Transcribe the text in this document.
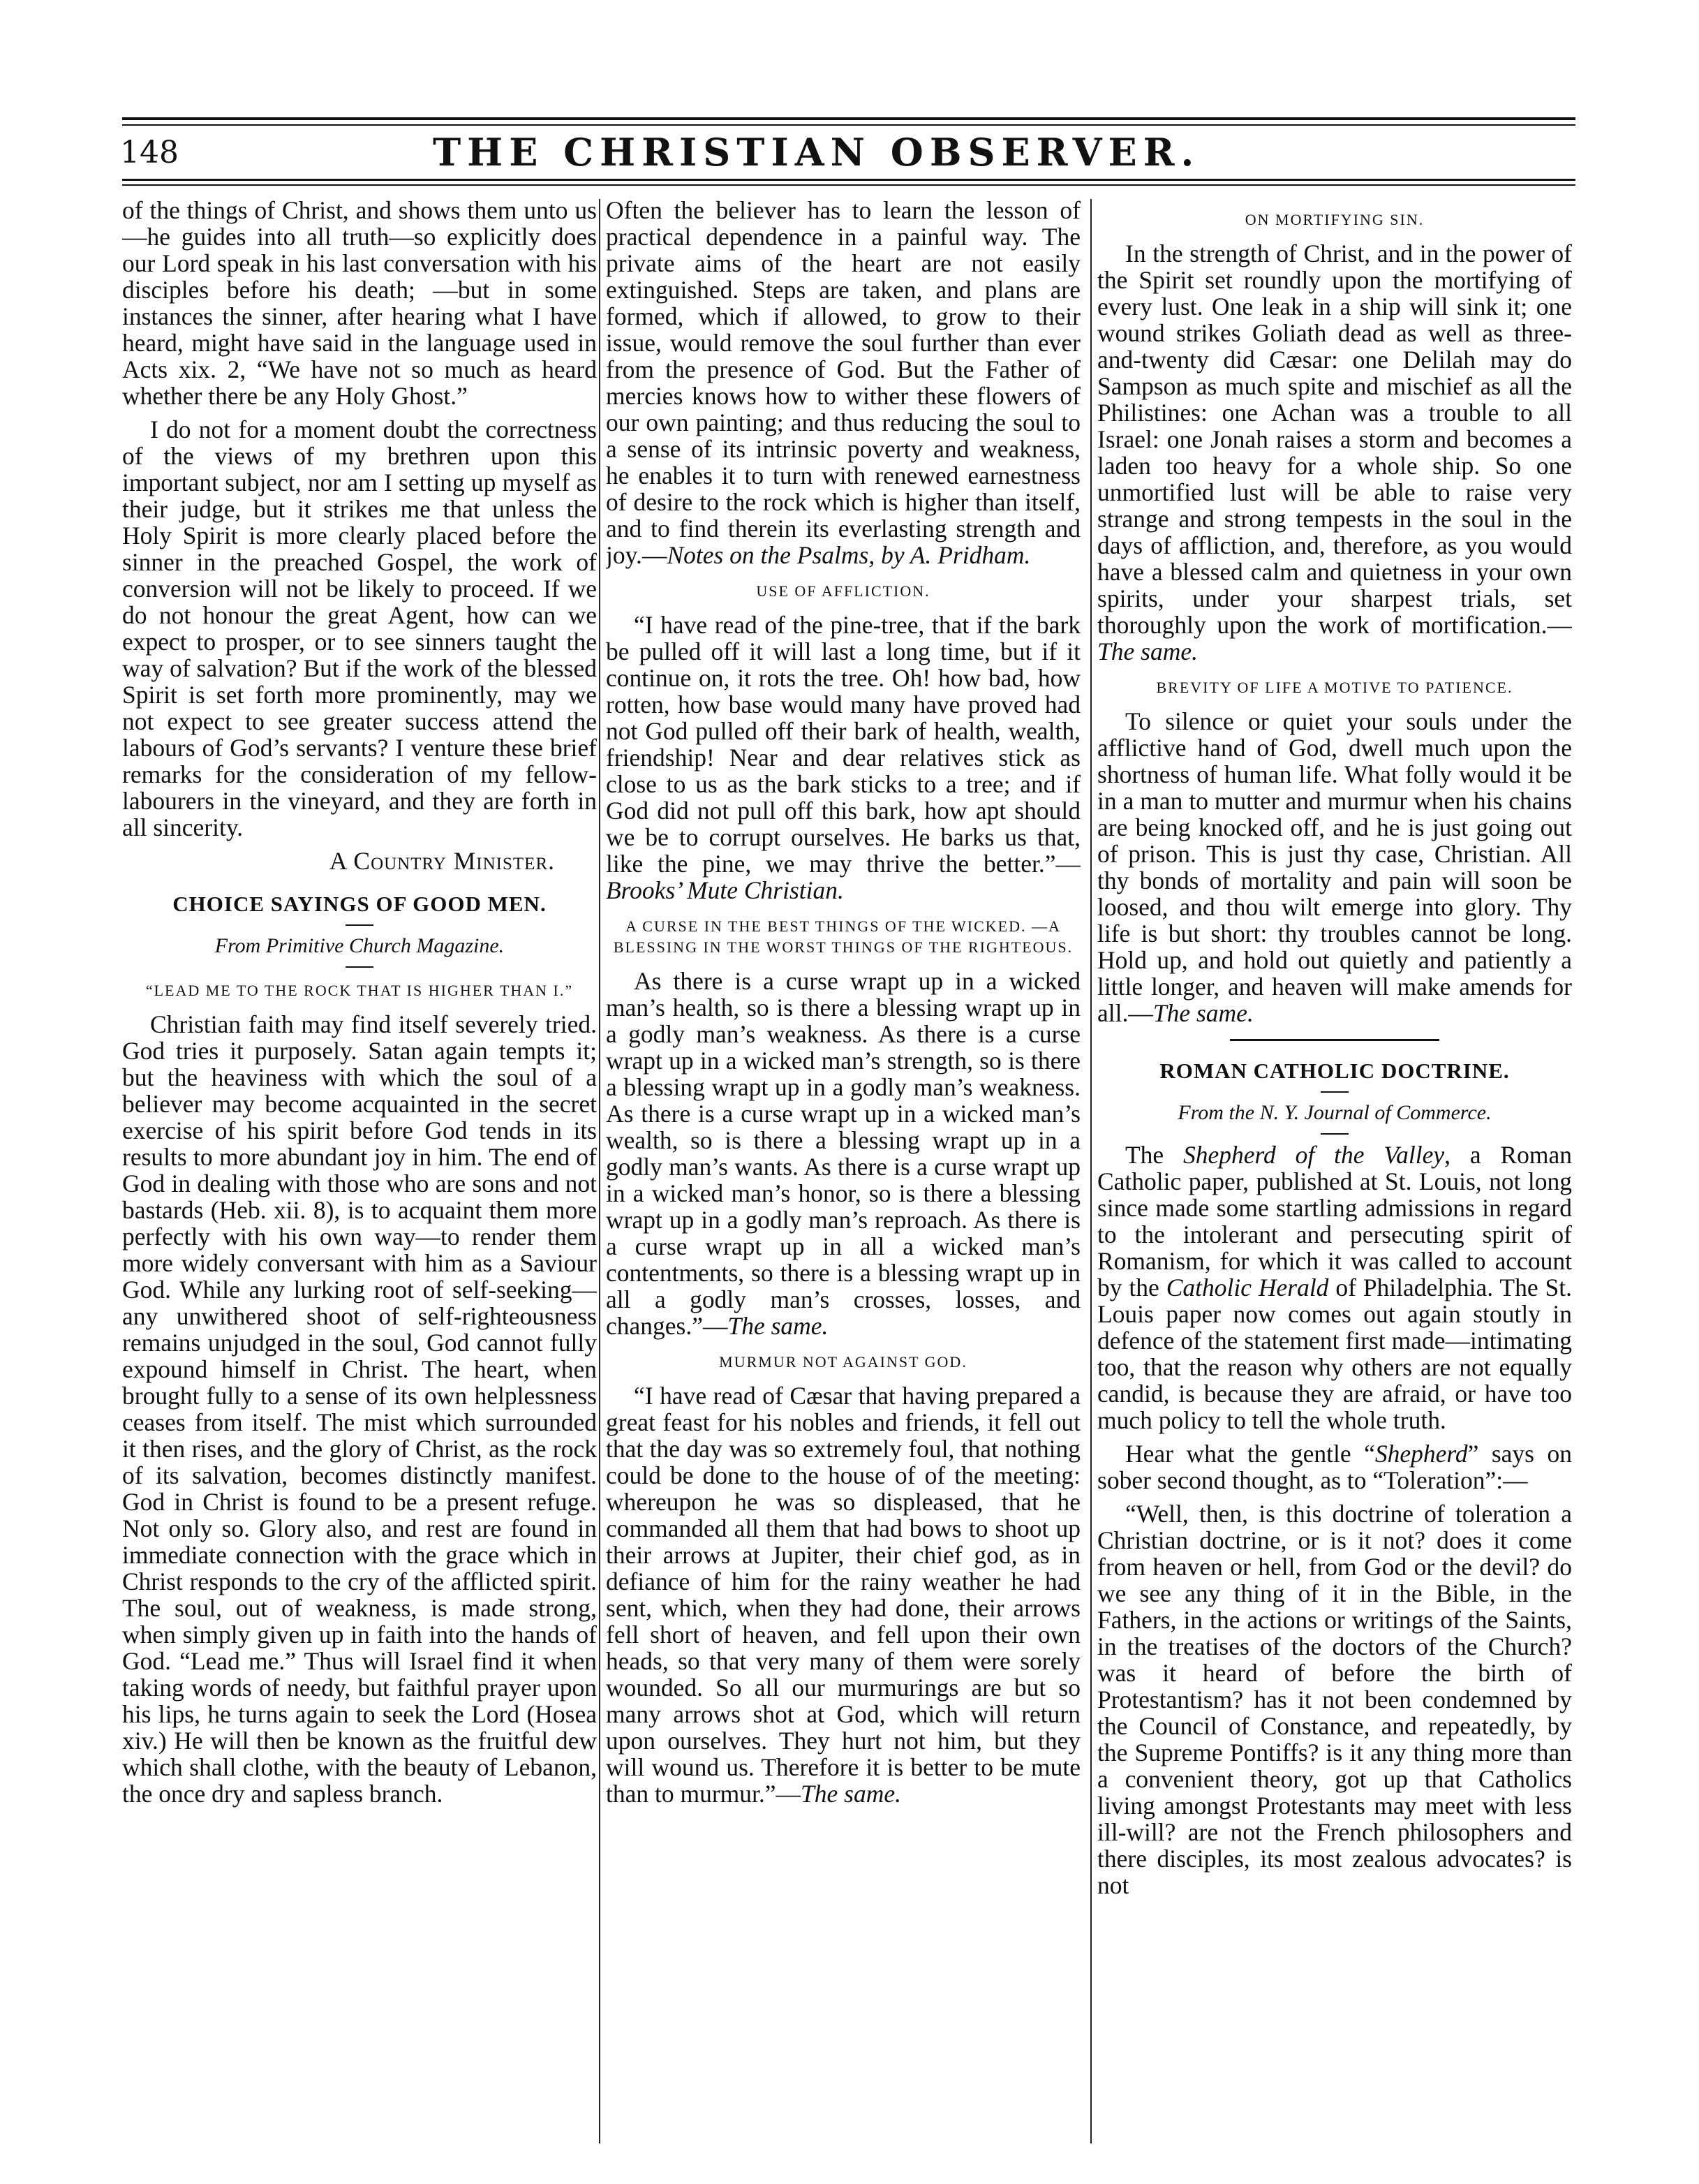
148	THE CHRISTIAN OBSERVER.

of the things of Christ, and shows them unto us—he guides into all truth—so explicitly does our Lord speak in his last conversation with his disciples before his death; —but in some instances the sinner, after hearing what I have heard, might have said in the language used in Acts xix. 2, “We have not so much as heard whether there be any Holy Ghost.”

I do not for a moment doubt the correctness of the views of my brethren upon this important subject, nor am I setting up myself as their judge, but it strikes me that unless the Holy Spirit is more clearly placed before the sinner in the preached Gospel, the work of conversion will not be likely to proceed. If we do not honour the great Agent, how can we expect to prosper, or to see sinners taught the way of salvation? But if the work of the blessed Spirit is set forth more prominently, may we not expect to see greater success attend the labours of God’s servants? I venture these brief remarks for the consideration of my fellow-labourers in the vineyard, and they are forth in all sincerity.

A Country Minister.
CHOICE SAYINGS OF GOOD MEN.
From Primitive Church Magazine.
“LEAD ME TO THE ROCK THAT IS HIGHER THAN I.”

Christian faith may find itself severely tried. God tries it purposely. Satan again tempts it; but the heaviness with which the soul of a believer may become acquainted in the secret exercise of his spirit before God tends in its results to more abundant joy in him. The end of God in dealing with those who are sons and not bastards (Heb. xii. 8), is to acquaint them more perfectly with his own way—to render them more widely conversant with him as a Saviour God. While any lurking root of self-seeking—any unwithered shoot of self-righteousness remains unjudged in the soul, God cannot fully expound himself in Christ. The heart, when brought fully to a sense of its own helplessness ceases from itself. The mist which surrounded it then rises, and the glory of Christ, as the rock of its salvation, becomes distinctly manifest. God in Christ is found to be a present refuge. Not only so. Glory also, and rest are found in immediate connection with the grace which in Christ responds to the cry of the afflicted spirit. The soul, out of weakness, is made strong, when simply given up in faith into the hands of God. “Lead me.” Thus will Israel find it when taking words of needy, but faithful prayer upon his lips, he turns again to seek the Lord (Hosea xiv.) He will then be known as the fruitful dew which shall clothe, with the beauty of Lebanon, the once dry and sapless branch.

Often the believer has to learn the lesson of practical dependence in a painful way. The private aims of the heart are not easily extinguished. Steps are taken, and plans are formed, which if allowed, to grow to their issue, would remove the soul further than ever from the presence of God. But the Father of mercies knows how to wither these flowers of our own painting; and thus reducing the soul to a sense of its intrinsic poverty and weakness, he enables it to turn with renewed earnestness of desire to the rock which is higher than itself, and to find therein its everlasting strength and joy.—Notes on the Psalms, by A. Pridham.

USE OF AFFLICTION.

“I have read of the pine-tree, that if the bark be pulled off it will last a long time, but if it continue on, it rots the tree. Oh! how bad, how rotten, how base would many have proved had not God pulled off their bark of health, wealth, friendship! Near and dear relatives stick as close to us as the bark sticks to a tree; and if God did not pull off this bark, how apt should we be to corrupt ourselves. He barks us that, like the pine, we may thrive the better.”—Brooks’ Mute Christian.

A CURSE IN THE BEST THINGS OF THE WICKED. —A BLESSING IN THE WORST THINGS OF THE RIGHTEOUS.

As there is a curse wrapt up in a wicked man’s health, so is there a blessing wrapt up in a godly man’s weakness. As there is a curse wrapt up in a wicked man’s strength, so is there a blessing wrapt up in a godly man’s weakness. As there is a curse wrapt up in a wicked man’s wealth, so is there a blessing wrapt up in a godly man’s wants. As there is a curse wrapt up in a wicked man’s honor, so is there a blessing wrapt up in a godly man’s reproach. As there is a curse wrapt up in all a wicked man’s contentments, so there is a blessing wrapt up in all a godly man’s crosses, losses, and changes.”—The same.

MURMUR NOT AGAINST GOD.

“I have read of Cæsar that having prepared a great feast for his nobles and friends, it fell out that the day was so extremely foul, that nothing could be done to the house of of the meeting: whereupon he was so displeased, that he commanded all them that had bows to shoot up their arrows at Jupiter, their chief god, as in defiance of him for the rainy weather he had sent, which, when they had done, their arrows fell short of heaven, and fell upon their own heads, so that very many of them were sorely wounded. So all our murmurings are but so many arrows shot at God, which will return upon ourselves. They hurt not him, but they will wound us. Therefore it is better to be mute than to murmur.”—The same.

ON MORTIFYING SIN.

In the strength of Christ, and in the power of the Spirit set roundly upon the mortifying of every lust. One leak in a ship will sink it; one wound strikes Goliath dead as well as three-and-twenty did Cæsar: one Delilah may do Sampson as much spite and mischief as all the Philistines: one Achan was a trouble to all Israel: one Jonah raises a storm and becomes a laden too heavy for a whole ship. So one unmortified lust will be able to raise very strange and strong tempests in the soul in the days of affliction, and, therefore, as you would have a blessed calm and quietness in your own spirits, under your sharpest trials, set thoroughly upon the work of mortification.—The same.

BREVITY OF LIFE A MOTIVE TO PATIENCE.

To silence or quiet your souls under the afflictive hand of God, dwell much upon the shortness of human life. What folly would it be in a man to mutter and murmur when his chains are being knocked off, and he is just going out of prison. This is just thy case, Christian. All thy bonds of mortality and pain will soon be loosed, and thou wilt emerge into glory. Thy life is but short: thy troubles cannot be long. Hold up, and hold out quietly and patiently a little longer, and heaven will make amends for all.—The same.

ROMAN CATHOLIC DOCTRINE.
From the N. Y. Journal of Commerce.

The Shepherd of the Valley, a Roman Catholic paper, published at St. Louis, not long since made some startling admissions in regard to the intolerant and persecuting spirit of Romanism, for which it was called to account by the Catholic Herald of Philadelphia. The St. Louis paper now comes out again stoutly in defence of the statement first made—intimating too, that the reason why others are not equally candid, is because they are afraid, or have too much policy to tell the whole truth.

Hear what the gentle “Shepherd” says on sober second thought, as to “Toleration”:—

“Well, then, is this doctrine of toleration a Christian doctrine, or is it not? does it come from heaven or hell, from God or the devil? do we see any thing of it in the Bible, in the Fathers, in the actions or writings of the Saints, in the treatises of the doctors of the Church? was it heard of before the birth of Protestantism? has it not been condemned by the Council of Constance, and repeatedly, by the Supreme Pontiffs? is it any thing more than a convenient theory, got up that Catholics living amongst Protestants may meet with less ill-will? are not the French philosophers and there disciples, its most zealous advocates? is not
